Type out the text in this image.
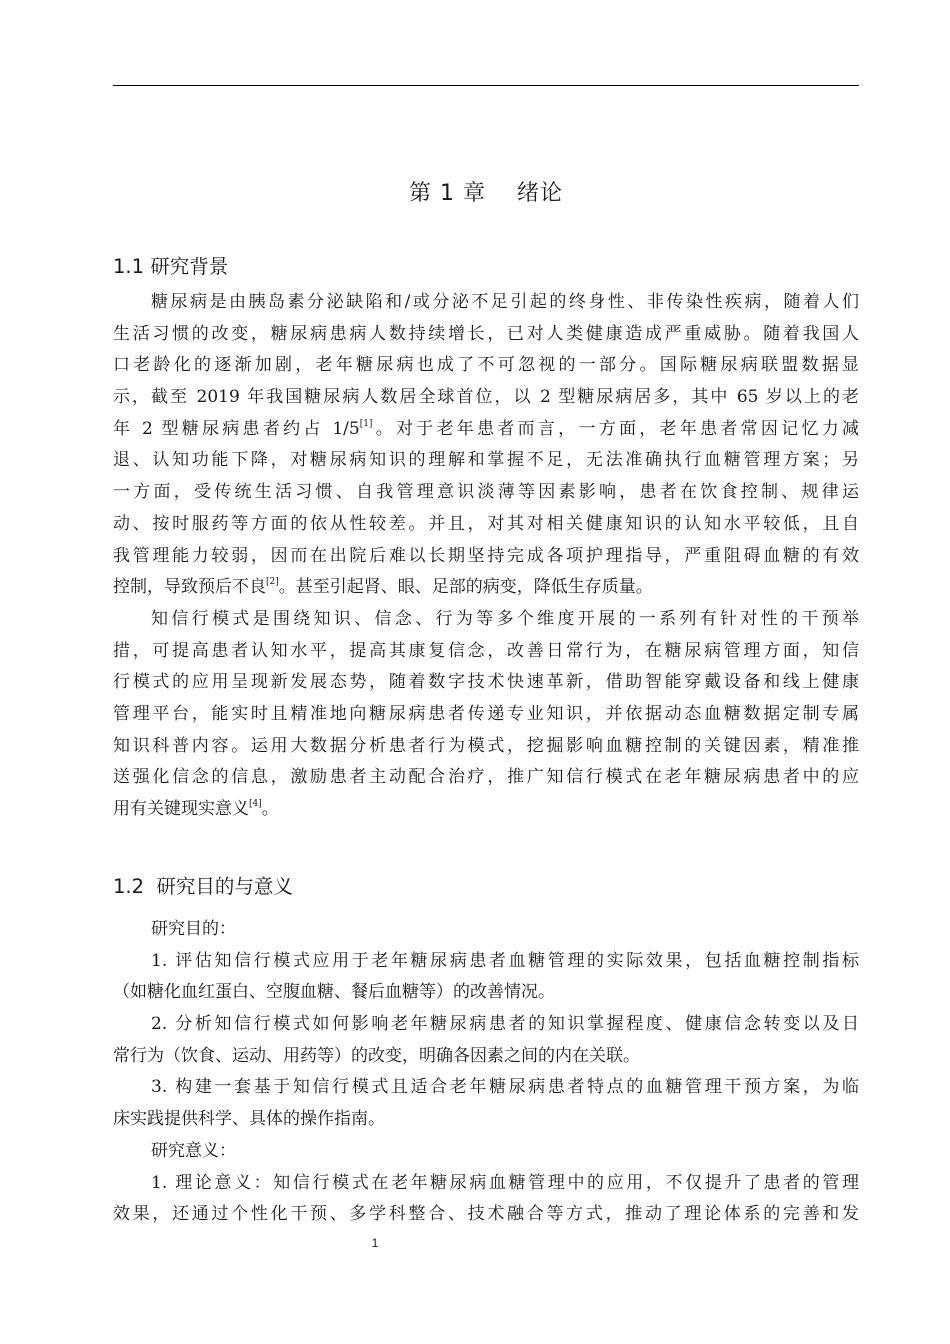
第 1 章　 绪论
1.1 研究背景
糖尿病是由胰岛素分泌缺陷和/或分泌不足引起的终身性、非传染性疾病，随着人们
生活习惯的改变，糖尿病患病人数持续增长，已对人类健康造成严重威胁。随着我国人
口老龄化的逐渐加剧，老年糖尿病也成了不可忽视的一部分。国际糖尿病联盟数据显
示，截至 2019 年我国糖尿病人数居全球首位，以 2 型糖尿病居多，其中 65 岁以上的老
年 2 型糖尿病患者约占 1/5[1]。对于老年患者而言，一方面，老年患者常因记忆力减
退、认知功能下降，对糖尿病知识的理解和掌握不足，无法准确执行血糖管理方案；另
一方面，受传统生活习惯、自我管理意识淡薄等因素影响，患者在饮食控制、规律运
动、按时服药等方面的依从性较差。并且，对其对相关健康知识的认知水平较低，且自
我管理能力较弱，因而在出院后难以长期坚持完成各项护理指导，严重阻碍血糖的有效
控制，导致预后不良[2]。甚至引起肾、眼、足部的病变，降低生存质量。
知信行模式是围绕知识、信念、行为等多个维度开展的一系列有针对性的干预举
措，可提高患者认知水平，提高其康复信念，改善日常行为，在糖尿病管理方面，知信
行模式的应用呈现新发展态势，随着数字技术快速革新，借助智能穿戴设备和线上健康
管理平台，能实时且精准地向糖尿病患者传递专业知识，并依据动态血糖数据定制专属
知识科普内容。运用大数据分析患者行为模式，挖掘影响血糖控制的关键因素，精准推
送强化信念的信息，激励患者主动配合治疗，推广知信行模式在老年糖尿病患者中的应
用有关键现实意义[4]。
1.2  研究目的与意义
研究目的：
1. 评估知信行模式应用于老年糖尿病患者血糖管理的实际效果，包括血糖控制指标
（如糖化血红蛋白、空腹血糖、餐后血糖等）的改善情况。
2. 分析知信行模式如何影响老年糖尿病患者的知识掌握程度、健康信念转变以及日
常行为（饮食、运动、用药等）的改变，明确各因素之间的内在关联。
3. 构建一套基于知信行模式且适合老年糖尿病患者特点的血糖管理干预方案，为临
床实践提供科学、具体的操作指南。
研究意义：
1. 理论意义：知信行模式在老年糖尿病血糖管理中的应用，不仅提升了患者的管理
效果，还通过个性化干预、多学科整合、技术融合等方式，推动了理论体系的完善和发
1
